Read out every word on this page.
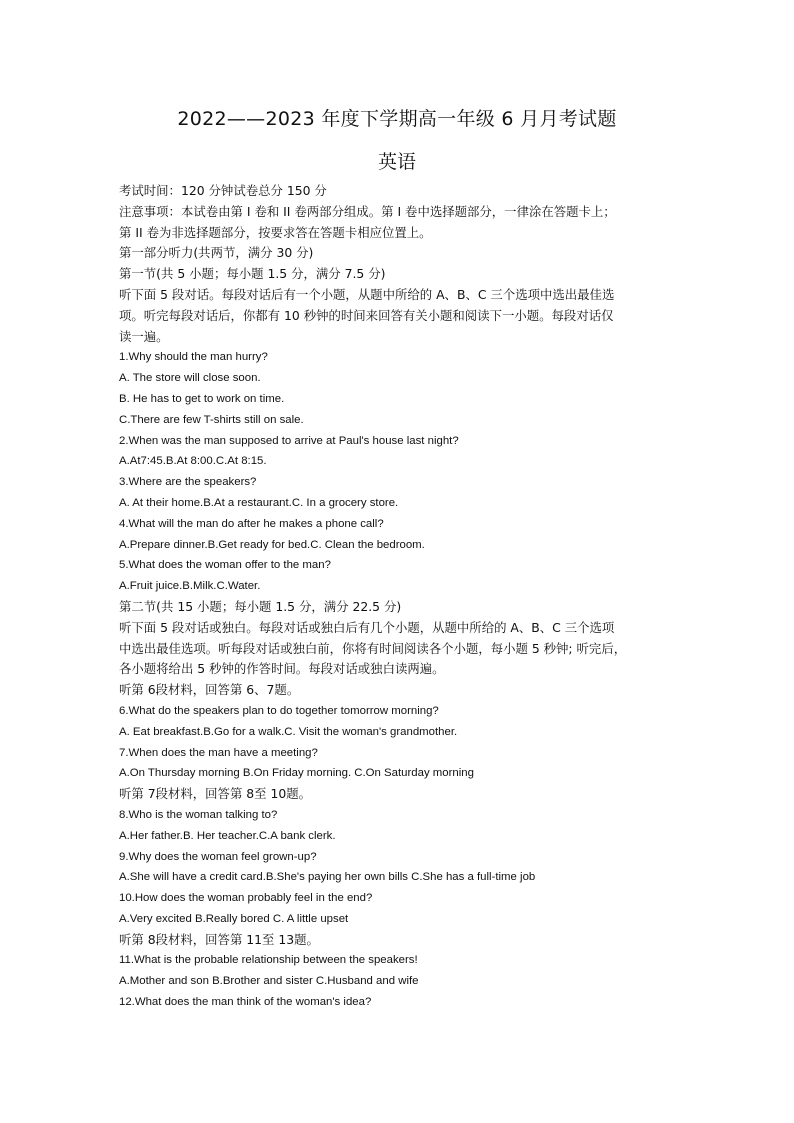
2022——2023 年度下学期高一年级 6 月月考试题
英语
考试时间：120 分钟试卷总分 150 分
注意事项：本试卷由第 I 卷和 II 卷两部分组成。第 I 卷中选择题部分，一律涂在答题卡上；
第 II 卷为非选择题部分，按要求答在答题卡相应位置上。
第一部分听力(共两节，满分 30 分)
第一节(共 5 小题；每小题 1.5 分，满分 7.5 分)
听下面 5 段对话。每段对话后有一个小题，从题中所给的 A、B、C 三个选项中选出最佳选
项。听完每段对话后，你都有 10 秒钟的时间来回答有关小题和阅读下一小题。每段对话仅
读一遍。
1.Why should the man hurry?
A. The store will close soon.
B. He has to get to work on time.
C.There are few T-shirts still on sale.
2.When was the man supposed to arrive at Paul's house last night?
A.At7:45.B.At 8:00.C.At 8:15.
3.Where are the speakers?
A. At their home.B.At a restaurant.C. In a grocery store.
4.What will the man do after he makes a phone call?
A.Prepare dinner.B.Get ready for bed.C. Clean the bedroom.
5.What does the woman offer to the man?
A.Fruit juice.B.Milk.C.Water.
第二节(共 15 小题；每小题 1.5 分，满分 22.5 分)
听下面 5 段对话或独白。每段对话或独白后有几个小题，从题中所给的 A、B、C 三个选项
中选出最佳选项。听每段对话或独白前，你将有时间阅读各个小题，每小题 5 秒钟; 听完后，
各小题将给出 5 秒钟的作答时间。每段对话或独白读两遍。
听第 6段材料，回答第 6、7题。
6.What do the speakers plan to do together tomorrow morning?
A. Eat breakfast.B.Go for a walk.C. Visit the woman's grandmother.
7.When does the man have a meeting?
A.On Thursday morning B.On Friday morning. C.On Saturday morning
听第 7段材料，回答第 8至 10题。
8.Who is the woman talking to?
A.Her father.B. Her teacher.C.A bank clerk.
9.Why does the woman feel grown-up?
A.She will have a credit card.B.She's paying her own bills C.She has a full-time job
10.How does the woman probably feel in the end?
A.Very excited B.Really bored C. A little upset
听第 8段材料，回答第 11至 13题。
11.What is the probable relationship between the speakers!
A.Mother and son B.Brother and sister C.Husband and wife
12.What does the man think of the woman's idea?
